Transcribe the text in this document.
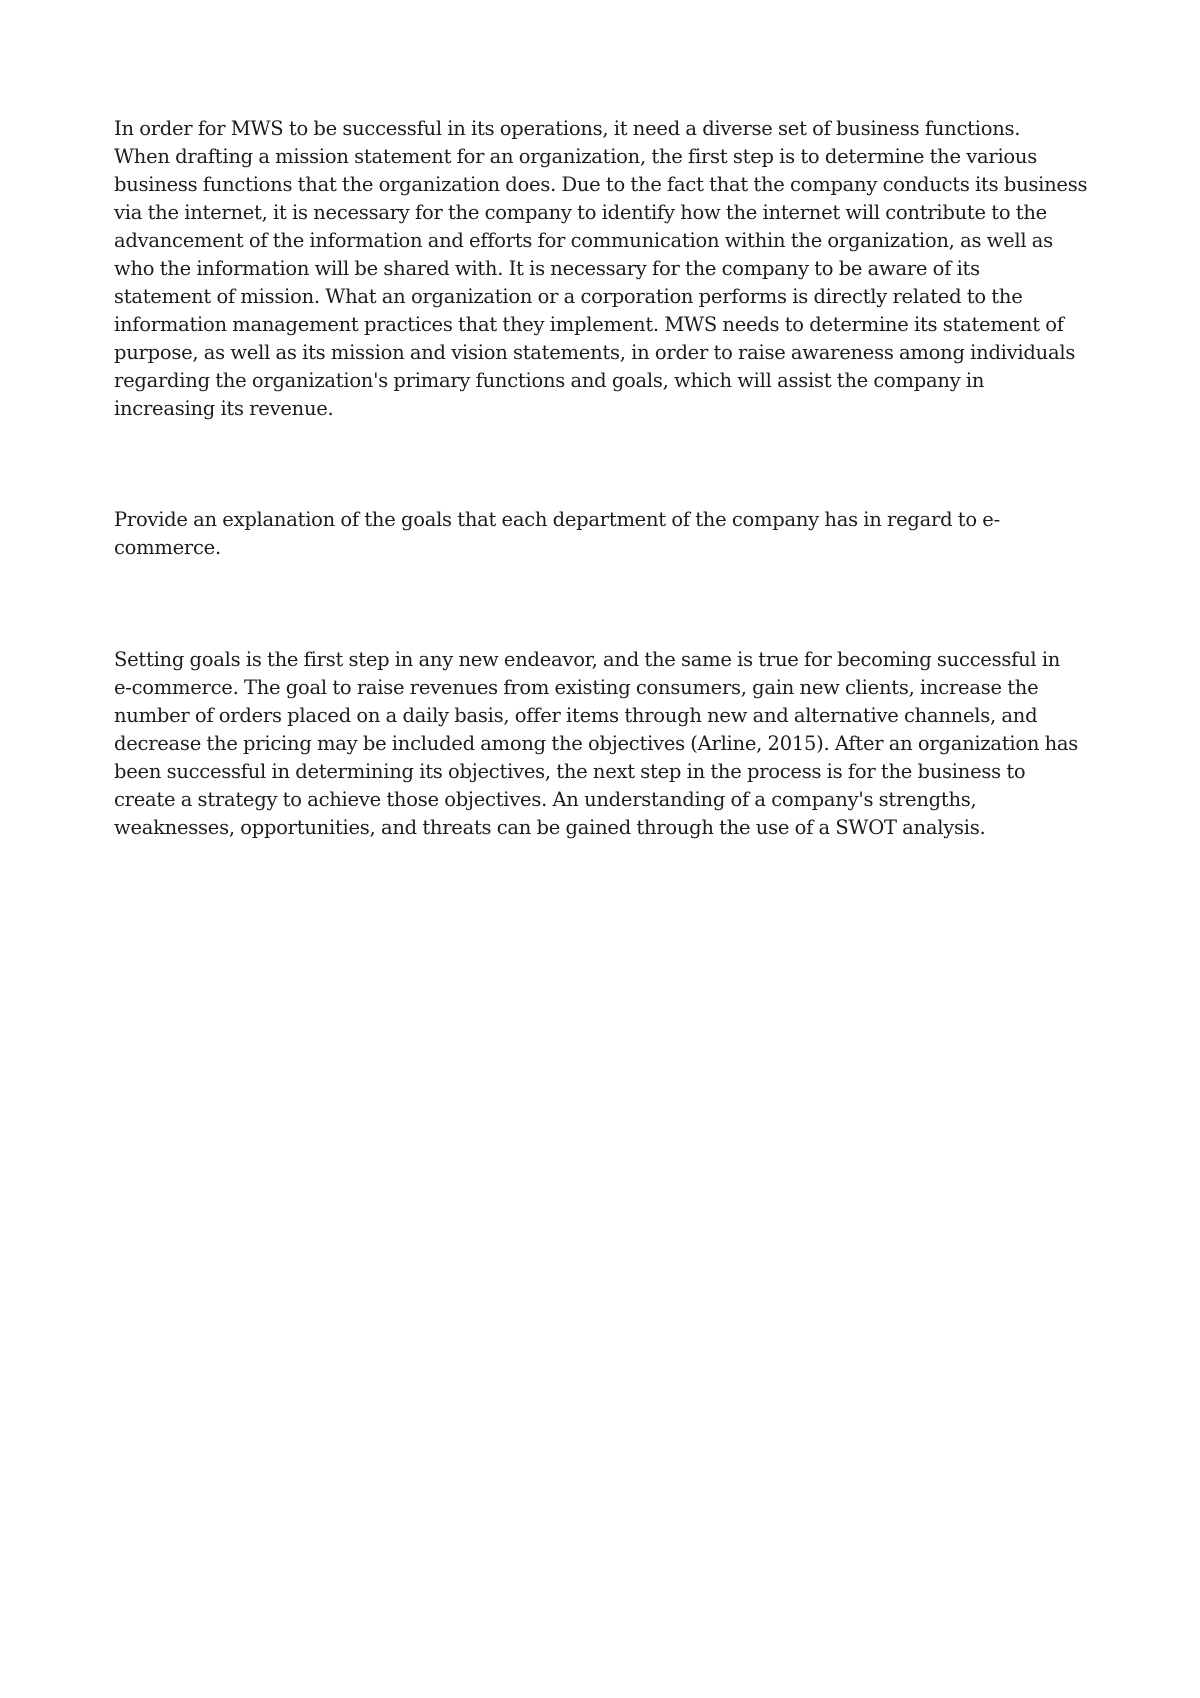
In order for MWS to be successful in its operations, it need a diverse set of business functions.
When drafting a mission statement for an organization, the first step is to determine the various
business functions that the organization does. Due to the fact that the company conducts its business
via the internet, it is necessary for the company to identify how the internet will contribute to the
advancement of the information and efforts for communication within the organization, as well as
who the information will be shared with. It is necessary for the company to be aware of its
statement of mission. What an organization or a corporation performs is directly related to the
information management practices that they implement. MWS needs to determine its statement of
purpose, as well as its mission and vision statements, in order to raise awareness among individuals
regarding the organization's primary functions and goals, which will assist the company in
increasing its revenue.

Provide an explanation of the goals that each department of the company has in regard to e-
commerce.

Setting goals is the first step in any new endeavor, and the same is true for becoming successful in
e-commerce. The goal to raise revenues from existing consumers, gain new clients, increase the
number of orders placed on a daily basis, offer items through new and alternative channels, and
decrease the pricing may be included among the objectives (Arline, 2015). After an organization has
been successful in determining its objectives, the next step in the process is for the business to
create a strategy to achieve those objectives. An understanding of a company's strengths,
weaknesses, opportunities, and threats can be gained through the use of a SWOT analysis.
